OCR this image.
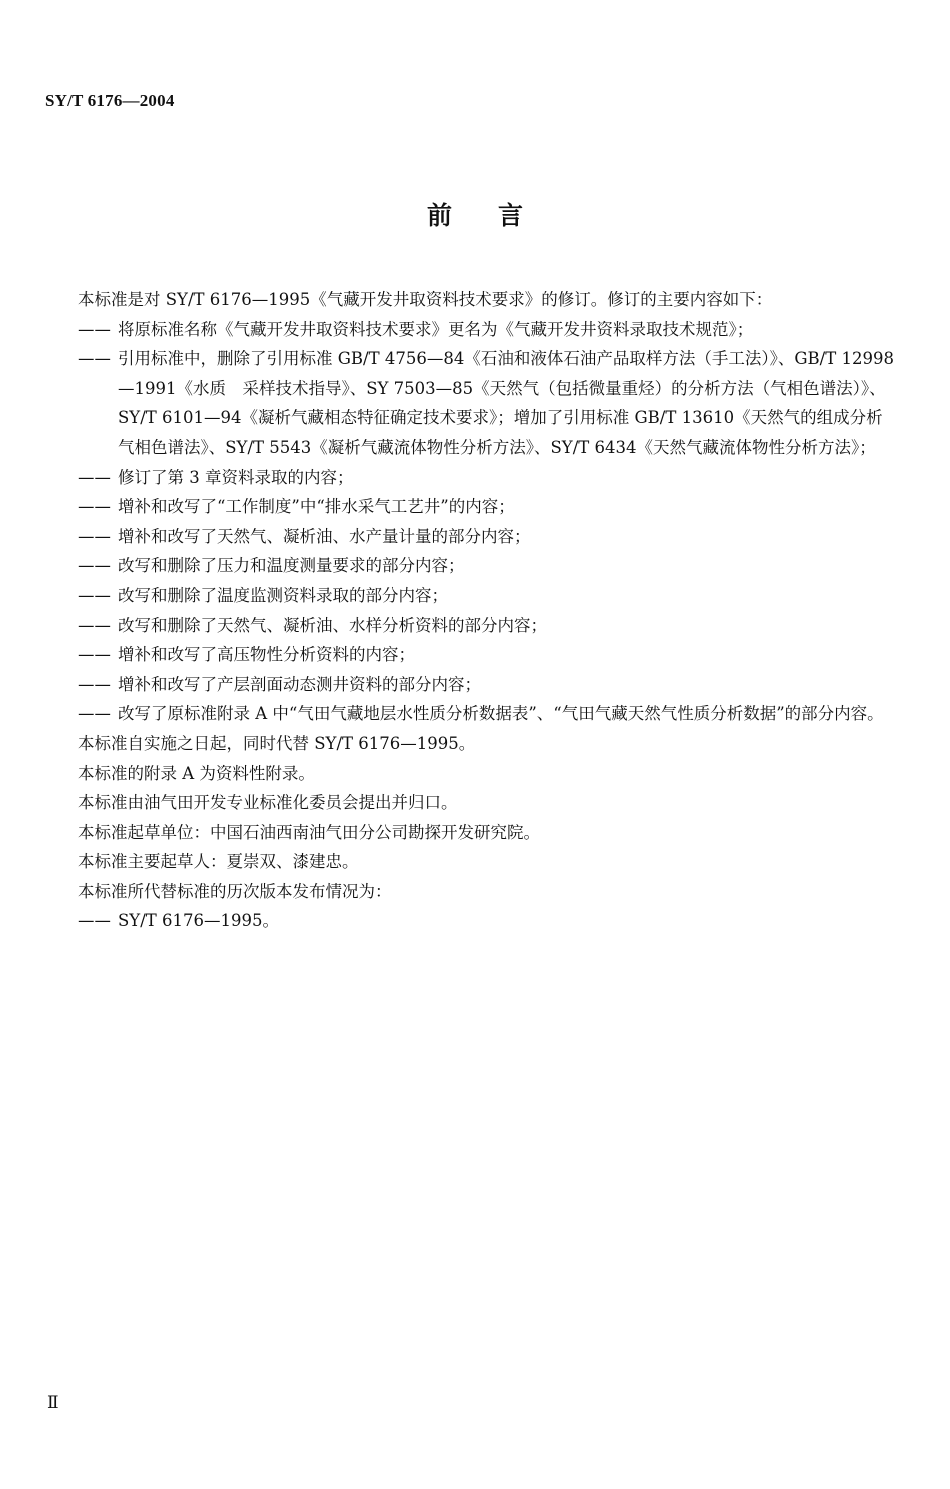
SY/T 6176—2004
前言

本标准是对 SY/T 6176—1995《气藏开发井取资料技术要求》的修订。修订的主要内容如下：

—— 将原标准名称《气藏开发井取资料技术要求》更名为《气藏开发井资料录取技术规范》；

—— 引用标准中，删除了引用标准 GB/T 4756—84《石油和液体石油产品取样方法（手工法）》、GB/T 12998—1991《水质　采样技术指导》、SY 7503—85《天然气（包括微量重烃）的分析方法（气相色谱法）》、SY/T 6101—94《凝析气藏相态特征确定技术要求》；增加了引用标准 GB/T 13610《天然气的组成分析　气相色谱法》、SY/T 5543《凝析气藏流体物性分析方法》、SY/T 6434《天然气藏流体物性分析方法》；

—— 修订了第 3 章资料录取的内容；

—— 增补和改写了“工作制度”中“排水采气工艺井”的内容；

—— 增补和改写了天然气、凝析油、水产量计量的部分内容；

—— 改写和删除了压力和温度测量要求的部分内容；

—— 改写和删除了温度监测资料录取的部分内容；

—— 改写和删除了天然气、凝析油、水样分析资料的部分内容；

—— 增补和改写了高压物性分析资料的内容；

—— 增补和改写了产层剖面动态测井资料的部分内容；

—— 改写了原标准附录 A 中“气田气藏地层水性质分析数据表”、“气田气藏天然气性质分析数据”的部分内容。

本标准自实施之日起，同时代替 SY/T 6176—1995。

本标准的附录 A 为资料性附录。

本标准由油气田开发专业标准化委员会提出并归口。

本标准起草单位：中国石油西南油气田分公司勘探开发研究院。

本标准主要起草人：夏崇双、漆建忠。

本标准所代替标准的历次版本发布情况为：

—— SY/T 6176—1995。

Ⅱ
